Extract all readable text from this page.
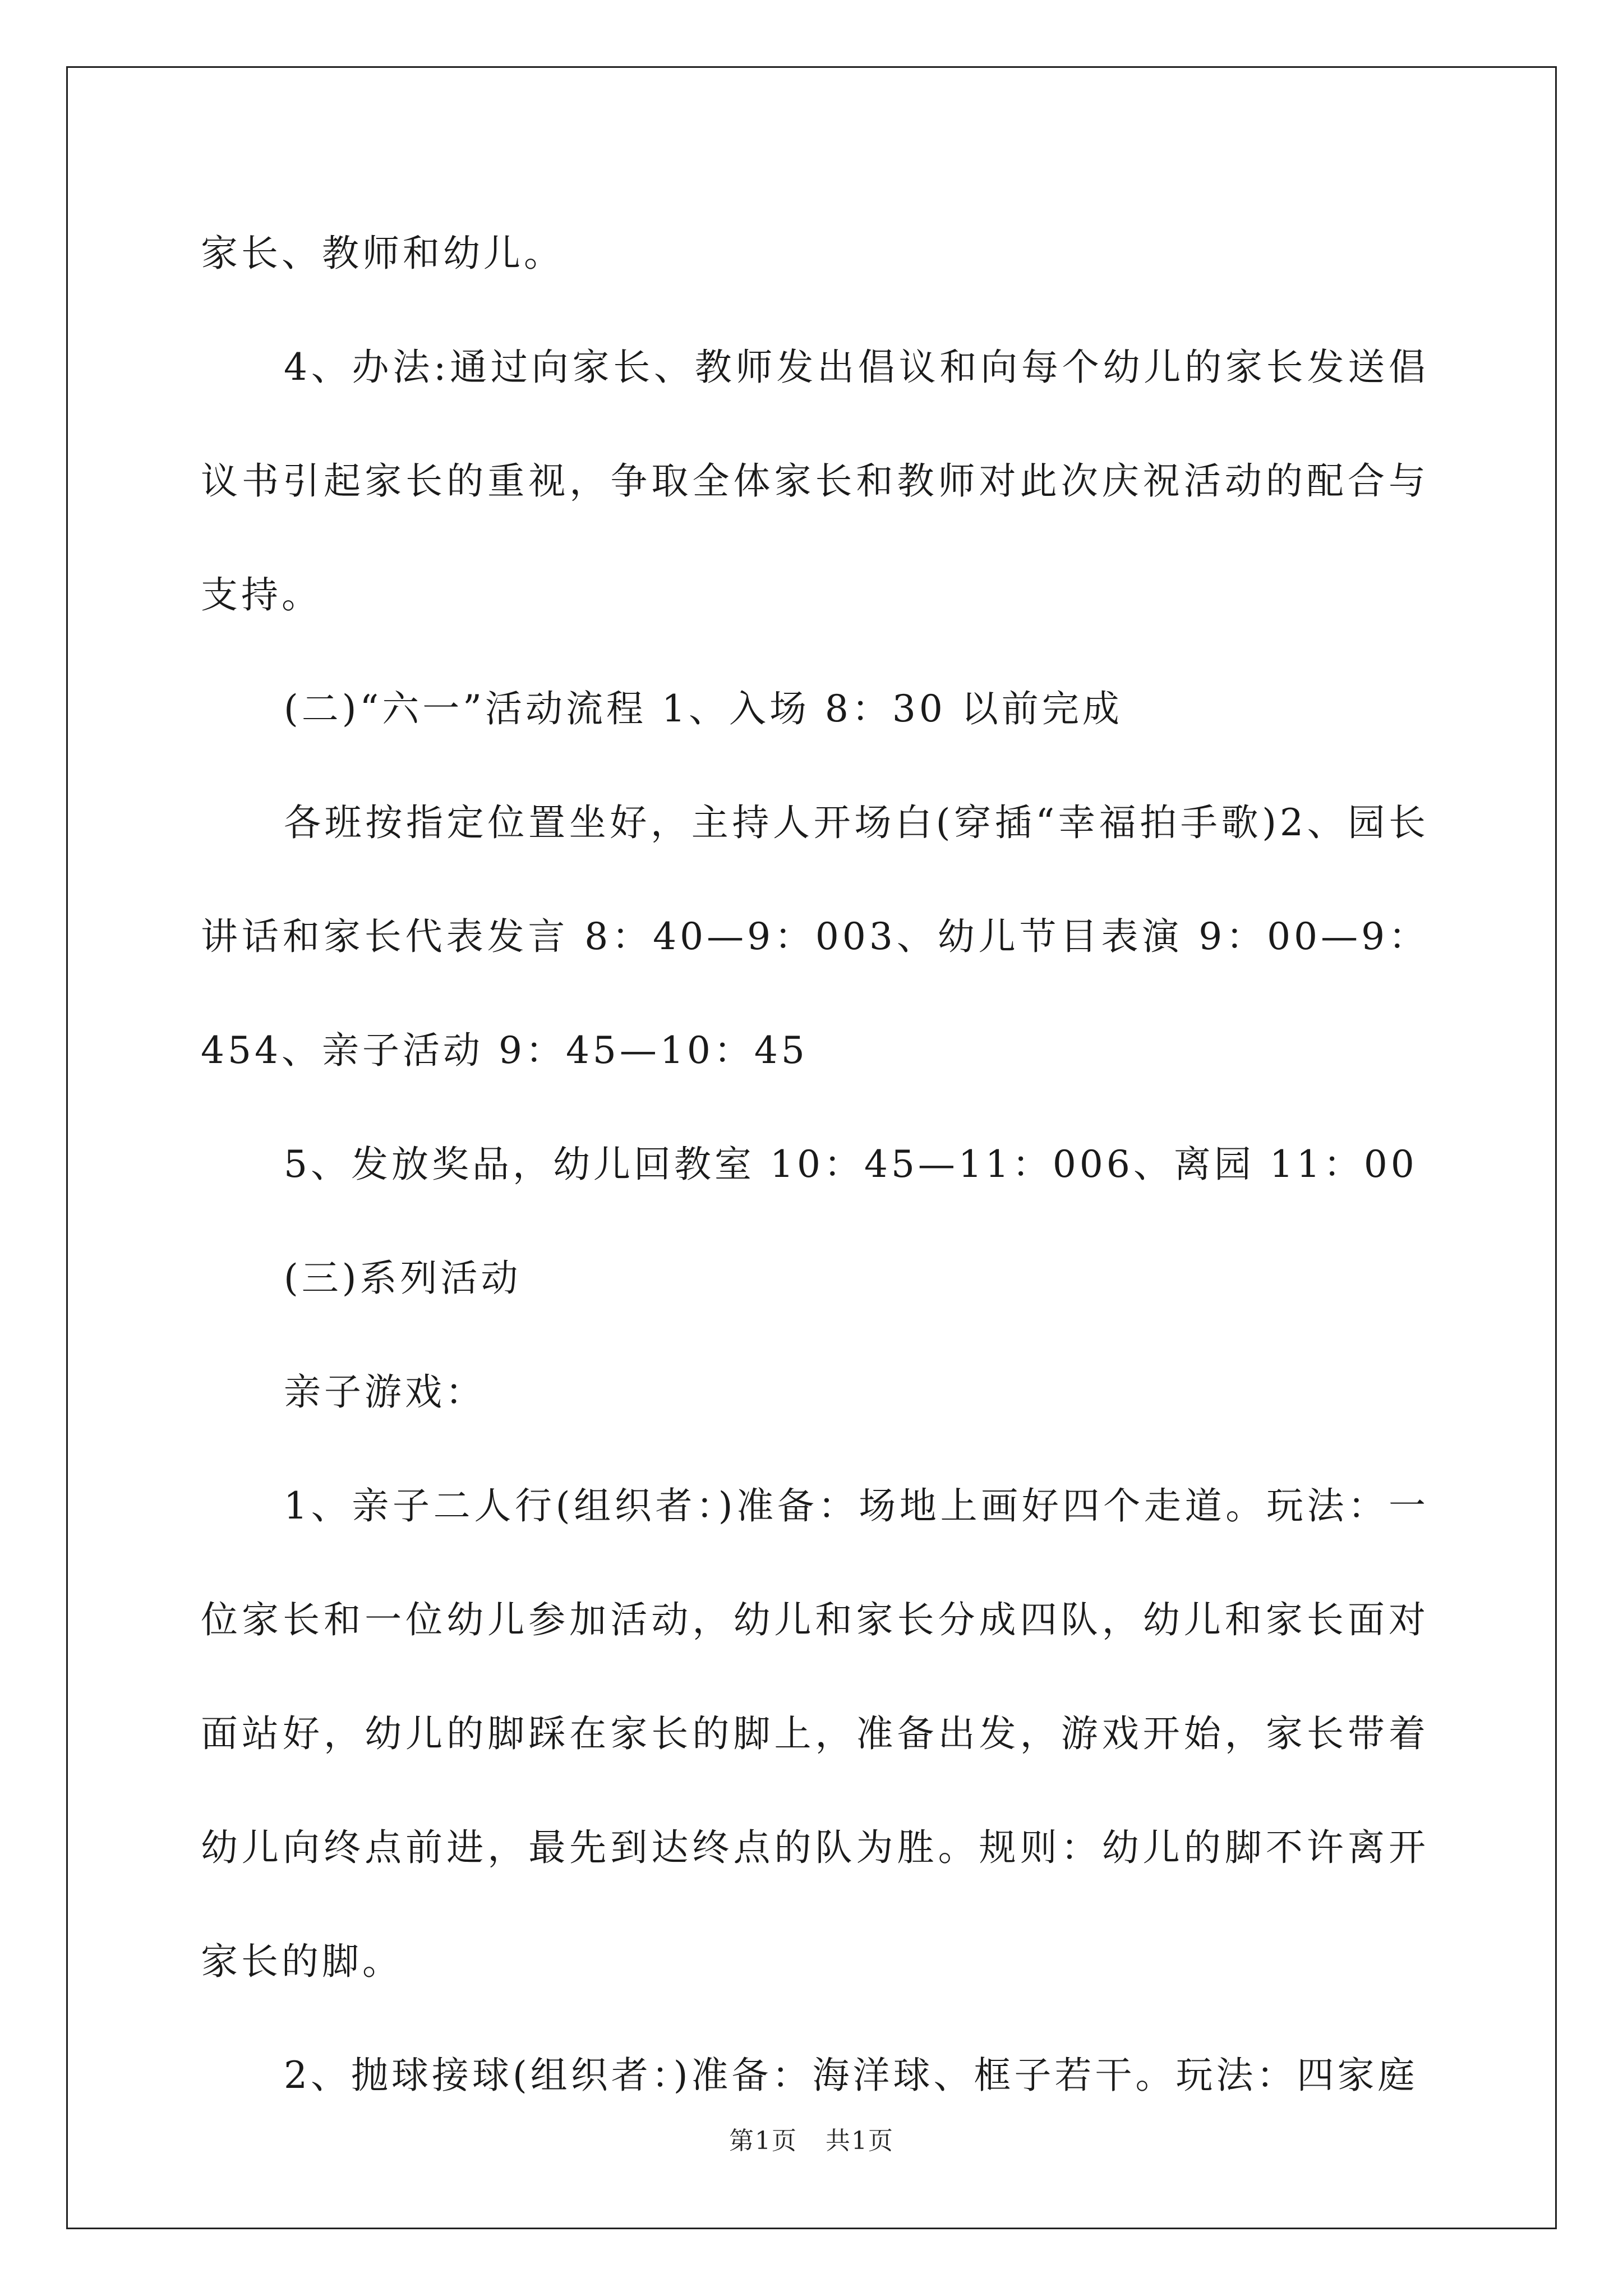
家长、教师和幼儿。

4、办法:通过向家长、教师发出倡议和向每个幼儿的家长发送倡议书引起家长的重视，争取全体家长和教师对此次庆祝活动的配合与支持。

(二)“六一”活动流程 1、入场 8：30 以前完成

各班按指定位置坐好，主持人开场白(穿插“幸福拍手歌)2、园长讲话和家长代表发言 8：40—9：003、幼儿节目表演 9：00—9：454、亲子活动 9：45—10：45

5、发放奖品，幼儿回教室 10：45—11：006、离园 11：00

(三)系列活动

亲子游戏：

1、亲子二人行(组织者：)准备：场地上画好四个走道。玩法：一位家长和一位幼儿参加活动，幼儿和家长分成四队，幼儿和家长面对面站好，幼儿的脚踩在家长的脚上，准备出发，游戏开始，家长带着幼儿向终点前进，最先到达终点的队为胜。规则：幼儿的脚不许离开家长的脚。

2、抛球接球(组织者：)准备：海洋球、框子若干。玩法：四家庭

第1页 共1页
